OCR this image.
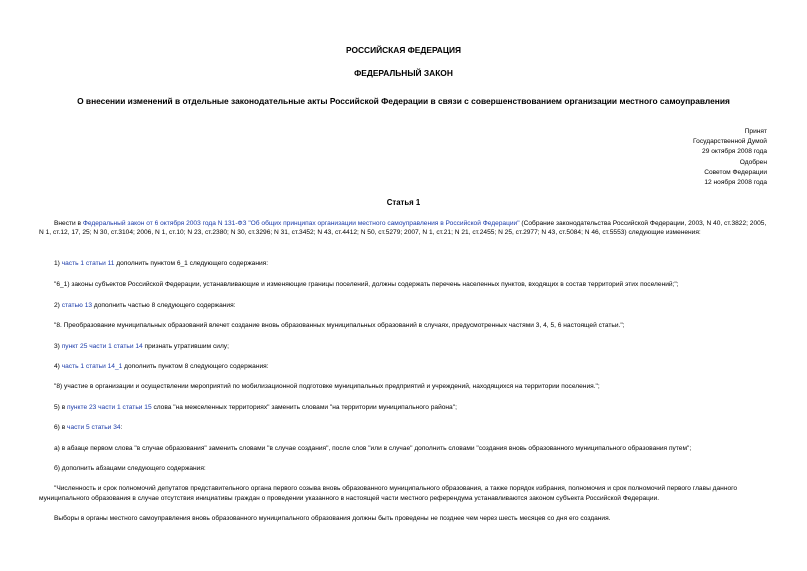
РОССИЙСКАЯ ФЕДЕРАЦИЯ
ФЕДЕРАЛЬНЫЙ ЗАКОН
О внесении изменений в отдельные законодательные акты Российской Федерации в связи с совершенствованием организации местного самоуправления
Принят
Государственной Думой
29 октября 2008 года
Одобрен
Советом Федерации
12 ноября 2008 года
Статья 1

Внести в Федеральный закон от 6 октября 2003 года N 131-ФЗ "Об общих принципах организации местного самоуправления в Российской Федерации" (Собрание законодательства Российской Федерации, 2003, N 40, ст.3822; 2005, N 1, ст.12, 17, 25; N 30, ст.3104; 2006, N 1, ст.10; N 23, ст.2380; N 30, ст.3296; N 31, ст.3452; N 43, ст.4412; N 50, ст.5279; 2007, N 1, ст.21; N 21, ст.2455; N 25, ст.2977; N 43, ст.5084; N 46, ст.5553) следующие изменения:

1) часть 1 статьи 11 дополнить пунктом 6_1 следующего содержания:

"6_1) законы субъектов Российской Федерации, устанавливающие и изменяющие границы поселений, должны содержать перечень населенных пунктов, входящих в состав территорий этих поселений;";

2) статью 13 дополнить частью 8 следующего содержания:

"8. Преобразование муниципальных образований влечет создание вновь образованных муниципальных образований в случаях, предусмотренных частями 3, 4, 5, 6 настоящей статьи.";

3) пункт 25 части 1 статьи 14 признать утратившим силу;

4) часть 1 статьи 14_1 дополнить пунктом 8 следующего содержания:

"8) участие в организации и осуществлении мероприятий по мобилизационной подготовке муниципальных предприятий и учреждений, находящихся на территории поселения.";

5) в пункте 23 части 1 статьи 15 слова "на межселенных территориях" заменить словами "на территории муниципального района";

6) в части 5 статьи 34:

а) в абзаце первом слова "в случае образования" заменить словами "в случае создания", после слов "или в случае" дополнить словами "создания вновь образованного муниципального образования путем";

б) дополнить абзацами следующего содержания:

"Численность и срок полномочий депутатов представительного органа первого созыва вновь образованного муниципального образования, а также порядок избрания, полномочия и срок полномочий первого главы данного муниципального образования в случае отсутствия инициативы граждан о проведении указанного в настоящей части местного референдума устанавливаются законом субъекта Российской Федерации.

Выборы в органы местного самоуправления вновь образованного муниципального образования должны быть проведены не позднее чем через шесть месяцев со дня его создания.
